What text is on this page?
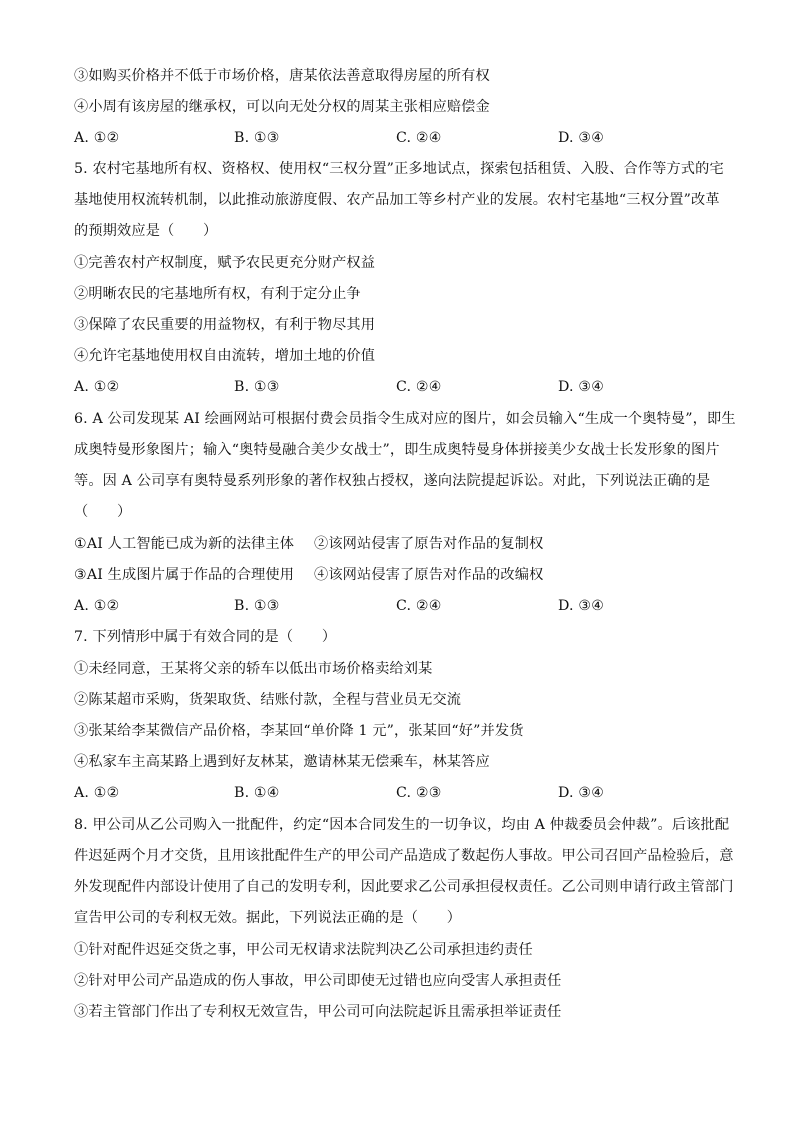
③如购买价格并不低于市场价格，唐某依法善意取得房屋的所有权
④小周有该房屋的继承权，可以向无处分权的周某主张相应赔偿金
A. ①②	B. ①③	C. ②④	D. ③④
5. 农村宅基地所有权、资格权、使用权“三权分置”正多地试点，探索包括租赁、入股、合作等方式的宅
基地使用权流转机制，以此推动旅游度假、农产品加工等乡村产业的发展。农村宅基地“三权分置”改革
的预期效应是（　　）
①完善农村产权制度，赋予农民更充分财产权益
②明晰农民的宅基地所有权，有利于定分止争
③保障了农民重要的用益物权，有利于物尽其用
④允许宅基地使用权自由流转，增加土地的价值
A. ①②	B. ①③	C. ②④	D. ③④
6. A 公司发现某 AI 绘画网站可根据付费会员指令生成对应的图片，如会员输入“生成一个奥特曼”，即生
成奥特曼形象图片；输入“奥特曼融合美少女战士”，即生成奥特曼身体拼接美少女战士长发形象的图片
等。因 A 公司享有奥特曼系列形象的著作权独占授权，遂向法院提起诉讼。对此，下列说法正确的是
（　　）
①AI 人工智能已成为新的法律主体 ②该网站侵害了原告对作品的复制权
③AI 生成图片属于作品的合理使用 ④该网站侵害了原告对作品的改编权
A. ①②	B. ①③	C. ②④	D. ③④
7. 下列情形中属于有效合同的是（　　）
①未经同意，王某将父亲的轿车以低出市场价格卖给刘某
②陈某超市采购，货架取货、结账付款，全程与营业员无交流
③张某给李某微信产品价格，李某回“单价降 1 元”，张某回“好”并发货
④私家车主高某路上遇到好友林某，邀请林某无偿乘车，林某答应
A. ①②	B. ①④	C. ②③	D. ③④
8. 甲公司从乙公司购入一批配件，约定“因本合同发生的一切争议，均由 A 仲裁委员会仲裁”。后该批配
件迟延两个月才交货，且用该批配件生产的甲公司产品造成了数起伤人事故。甲公司召回产品检验后，意
外发现配件内部设计使用了自己的发明专利，因此要求乙公司承担侵权责任。乙公司则申请行政主管部门
宣告甲公司的专利权无效。据此，下列说法正确的是（　　）
①针对配件迟延交货之事，甲公司无权请求法院判决乙公司承担违约责任
②针对甲公司产品造成的伤人事故，甲公司即使无过错也应向受害人承担责任
③若主管部门作出了专利权无效宣告，甲公司可向法院起诉且需承担举证责任
